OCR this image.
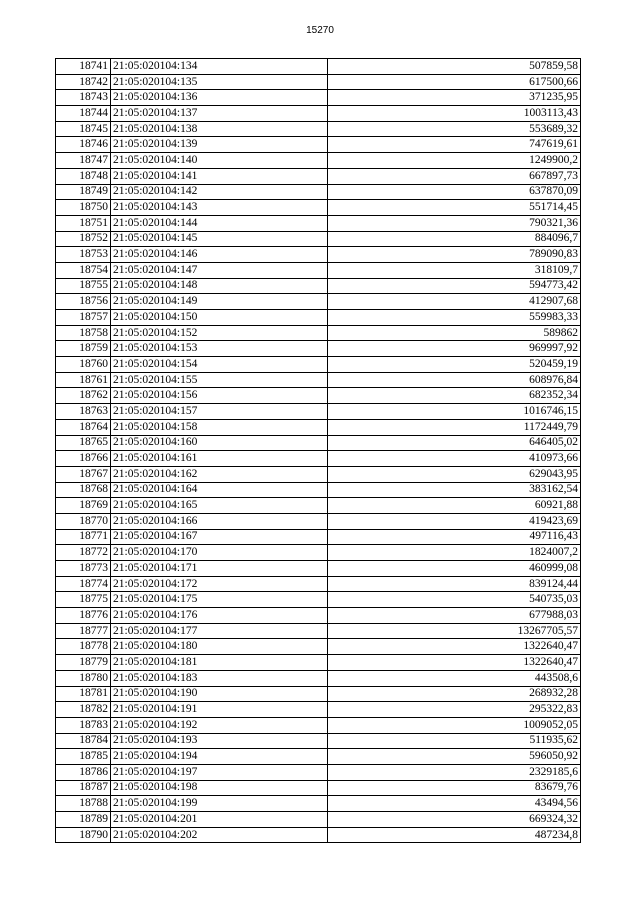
15270
18741	21:05:020104:134	507859,58
18742	21:05:020104:135	617500,66
18743	21:05:020104:136	371235,95
18744	21:05:020104:137	1003113,43
18745	21:05:020104:138	553689,32
18746	21:05:020104:139	747619,61
18747	21:05:020104:140	1249900,2
18748	21:05:020104:141	667897,73
18749	21:05:020104:142	637870,09
18750	21:05:020104:143	551714,45
18751	21:05:020104:144	790321,36
18752	21:05:020104:145	884096,7
18753	21:05:020104:146	789090,83
18754	21:05:020104:147	318109,7
18755	21:05:020104:148	594773,42
18756	21:05:020104:149	412907,68
18757	21:05:020104:150	559983,33
18758	21:05:020104:152	589862
18759	21:05:020104:153	969997,92
18760	21:05:020104:154	520459,19
18761	21:05:020104:155	608976,84
18762	21:05:020104:156	682352,34
18763	21:05:020104:157	1016746,15
18764	21:05:020104:158	1172449,79
18765	21:05:020104:160	646405,02
18766	21:05:020104:161	410973,66
18767	21:05:020104:162	629043,95
18768	21:05:020104:164	383162,54
18769	21:05:020104:165	60921,88
18770	21:05:020104:166	419423,69
18771	21:05:020104:167	497116,43
18772	21:05:020104:170	1824007,2
18773	21:05:020104:171	460999,08
18774	21:05:020104:172	839124,44
18775	21:05:020104:175	540735,03
18776	21:05:020104:176	677988,03
18777	21:05:020104:177	13267705,57
18778	21:05:020104:180	1322640,47
18779	21:05:020104:181	1322640,47
18780	21:05:020104:183	443508,6
18781	21:05:020104:190	268932,28
18782	21:05:020104:191	295322,83
18783	21:05:020104:192	1009052,05
18784	21:05:020104:193	511935,62
18785	21:05:020104:194	596050,92
18786	21:05:020104:197	2329185,6
18787	21:05:020104:198	83679,76
18788	21:05:020104:199	43494,56
18789	21:05:020104:201	669324,32
18790	21:05:020104:202	487234,8
